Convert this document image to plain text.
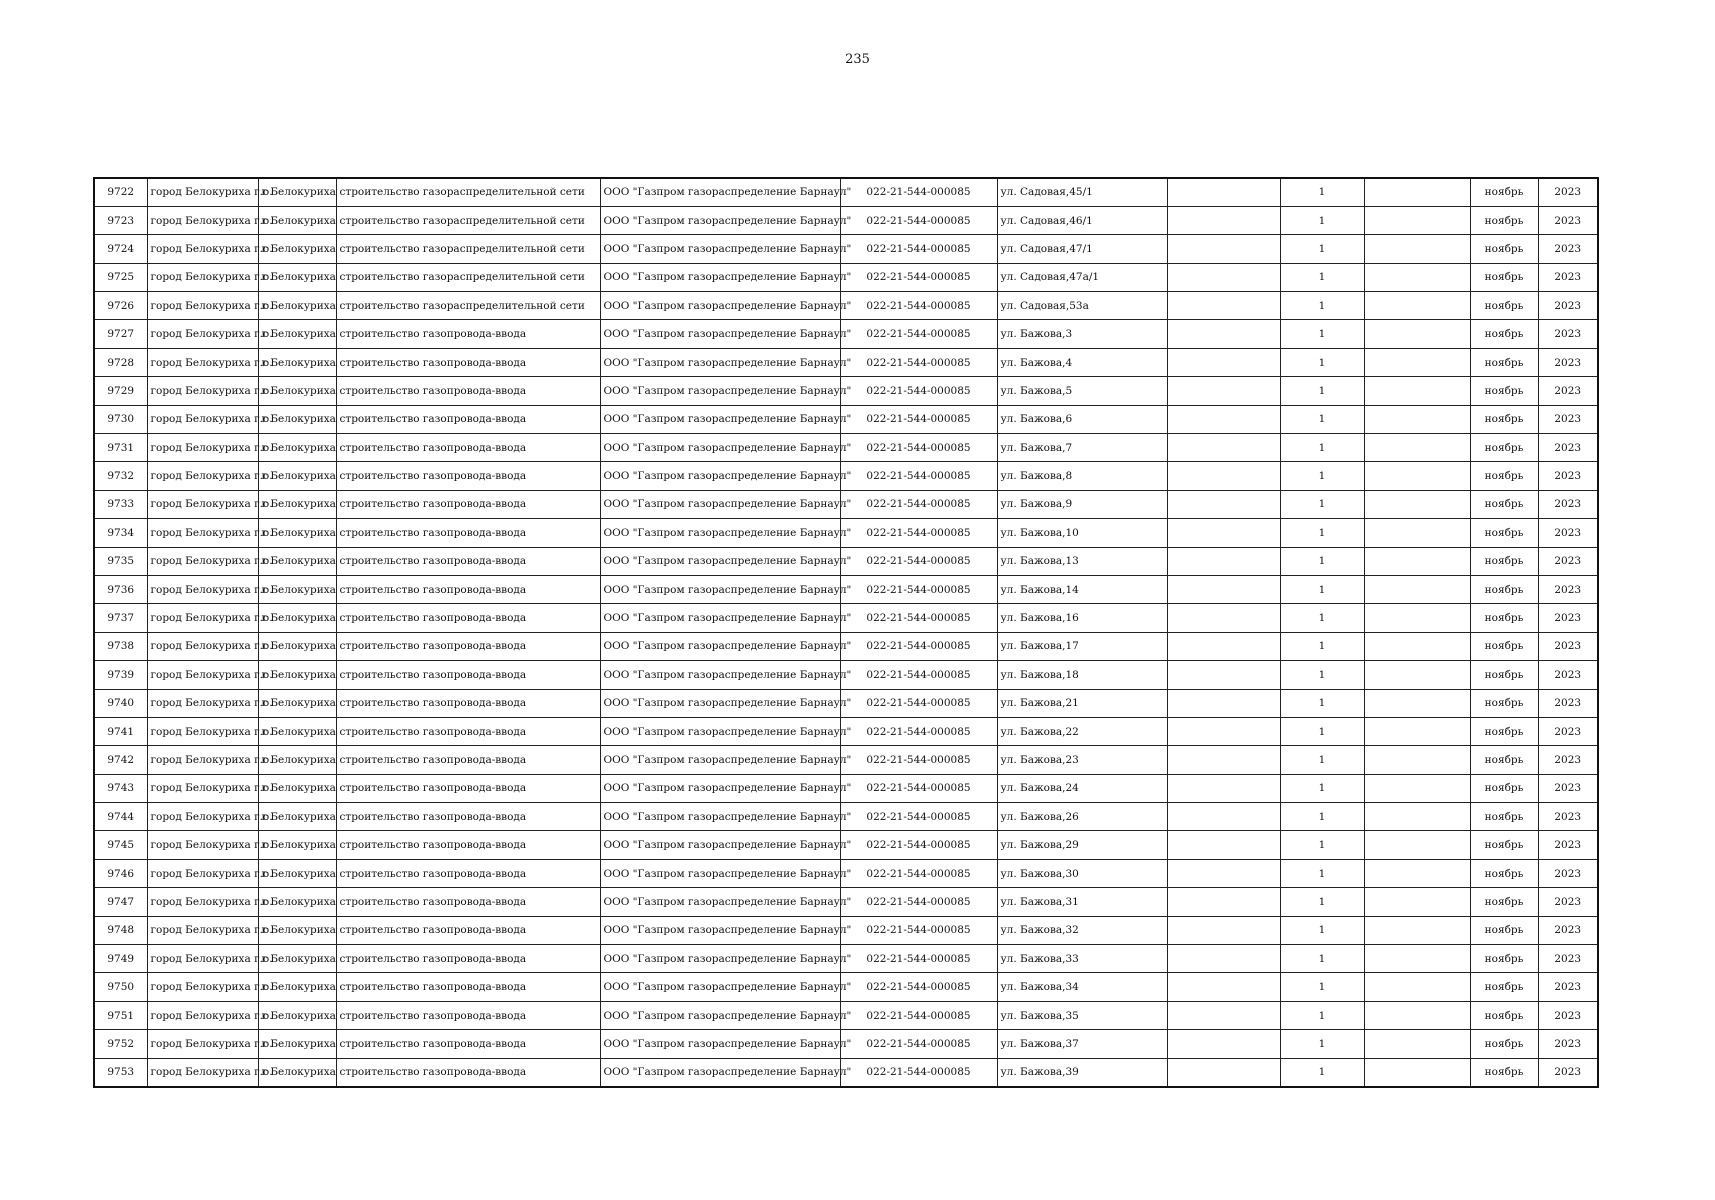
235
9722	город Белокуриха г.о.	г Белокуриха	строительство газораспределительной сети	ООО "Газпром газораспределение Барнаул"	022-21-544-000085	ул. Садовая,45/1		1		ноябрь	2023
9723	город Белокуриха г.о.	г Белокуриха	строительство газораспределительной сети	ООО "Газпром газораспределение Барнаул"	022-21-544-000085	ул. Садовая,46/1		1		ноябрь	2023
9724	город Белокуриха г.о.	г Белокуриха	строительство газораспределительной сети	ООО "Газпром газораспределение Барнаул"	022-21-544-000085	ул. Садовая,47/1		1		ноябрь	2023
9725	город Белокуриха г.о.	г Белокуриха	строительство газораспределительной сети	ООО "Газпром газораспределение Барнаул"	022-21-544-000085	ул. Садовая,47а/1		1		ноябрь	2023
9726	город Белокуриха г.о.	г Белокуриха	строительство газораспределительной сети	ООО "Газпром газораспределение Барнаул"	022-21-544-000085	ул. Садовая,53а		1		ноябрь	2023
9727	город Белокуриха г.о.	г Белокуриха	строительство газопровода-ввода	ООО "Газпром газораспределение Барнаул"	022-21-544-000085	ул. Бажова,3		1		ноябрь	2023
9728	город Белокуриха г.о.	г Белокуриха	строительство газопровода-ввода	ООО "Газпром газораспределение Барнаул"	022-21-544-000085	ул. Бажова,4		1		ноябрь	2023
9729	город Белокуриха г.о.	г Белокуриха	строительство газопровода-ввода	ООО "Газпром газораспределение Барнаул"	022-21-544-000085	ул. Бажова,5		1		ноябрь	2023
9730	город Белокуриха г.о.	г Белокуриха	строительство газопровода-ввода	ООО "Газпром газораспределение Барнаул"	022-21-544-000085	ул. Бажова,6		1		ноябрь	2023
9731	город Белокуриха г.о.	г Белокуриха	строительство газопровода-ввода	ООО "Газпром газораспределение Барнаул"	022-21-544-000085	ул. Бажова,7		1		ноябрь	2023
9732	город Белокуриха г.о.	г Белокуриха	строительство газопровода-ввода	ООО "Газпром газораспределение Барнаул"	022-21-544-000085	ул. Бажова,8		1		ноябрь	2023
9733	город Белокуриха г.о.	г Белокуриха	строительство газопровода-ввода	ООО "Газпром газораспределение Барнаул"	022-21-544-000085	ул. Бажова,9		1		ноябрь	2023
9734	город Белокуриха г.о.	г Белокуриха	строительство газопровода-ввода	ООО "Газпром газораспределение Барнаул"	022-21-544-000085	ул. Бажова,10		1		ноябрь	2023
9735	город Белокуриха г.о.	г Белокуриха	строительство газопровода-ввода	ООО "Газпром газораспределение Барнаул"	022-21-544-000085	ул. Бажова,13		1		ноябрь	2023
9736	город Белокуриха г.о.	г Белокуриха	строительство газопровода-ввода	ООО "Газпром газораспределение Барнаул"	022-21-544-000085	ул. Бажова,14		1		ноябрь	2023
9737	город Белокуриха г.о.	г Белокуриха	строительство газопровода-ввода	ООО "Газпром газораспределение Барнаул"	022-21-544-000085	ул. Бажова,16		1		ноябрь	2023
9738	город Белокуриха г.о.	г Белокуриха	строительство газопровода-ввода	ООО "Газпром газораспределение Барнаул"	022-21-544-000085	ул. Бажова,17		1		ноябрь	2023
9739	город Белокуриха г.о.	г Белокуриха	строительство газопровода-ввода	ООО "Газпром газораспределение Барнаул"	022-21-544-000085	ул. Бажова,18		1		ноябрь	2023
9740	город Белокуриха г.о.	г Белокуриха	строительство газопровода-ввода	ООО "Газпром газораспределение Барнаул"	022-21-544-000085	ул. Бажова,21		1		ноябрь	2023
9741	город Белокуриха г.о.	г Белокуриха	строительство газопровода-ввода	ООО "Газпром газораспределение Барнаул"	022-21-544-000085	ул. Бажова,22		1		ноябрь	2023
9742	город Белокуриха г.о.	г Белокуриха	строительство газопровода-ввода	ООО "Газпром газораспределение Барнаул"	022-21-544-000085	ул. Бажова,23		1		ноябрь	2023
9743	город Белокуриха г.о.	г Белокуриха	строительство газопровода-ввода	ООО "Газпром газораспределение Барнаул"	022-21-544-000085	ул. Бажова,24		1		ноябрь	2023
9744	город Белокуриха г.о.	г Белокуриха	строительство газопровода-ввода	ООО "Газпром газораспределение Барнаул"	022-21-544-000085	ул. Бажова,26		1		ноябрь	2023
9745	город Белокуриха г.о.	г Белокуриха	строительство газопровода-ввода	ООО "Газпром газораспределение Барнаул"	022-21-544-000085	ул. Бажова,29		1		ноябрь	2023
9746	город Белокуриха г.о.	г Белокуриха	строительство газопровода-ввода	ООО "Газпром газораспределение Барнаул"	022-21-544-000085	ул. Бажова,30		1		ноябрь	2023
9747	город Белокуриха г.о.	г Белокуриха	строительство газопровода-ввода	ООО "Газпром газораспределение Барнаул"	022-21-544-000085	ул. Бажова,31		1		ноябрь	2023
9748	город Белокуриха г.о.	г Белокуриха	строительство газопровода-ввода	ООО "Газпром газораспределение Барнаул"	022-21-544-000085	ул. Бажова,32		1		ноябрь	2023
9749	город Белокуриха г.о.	г Белокуриха	строительство газопровода-ввода	ООО "Газпром газораспределение Барнаул"	022-21-544-000085	ул. Бажова,33		1		ноябрь	2023
9750	город Белокуриха г.о.	г Белокуриха	строительство газопровода-ввода	ООО "Газпром газораспределение Барнаул"	022-21-544-000085	ул. Бажова,34		1		ноябрь	2023
9751	город Белокуриха г.о.	г Белокуриха	строительство газопровода-ввода	ООО "Газпром газораспределение Барнаул"	022-21-544-000085	ул. Бажова,35		1		ноябрь	2023
9752	город Белокуриха г.о.	г Белокуриха	строительство газопровода-ввода	ООО "Газпром газораспределение Барнаул"	022-21-544-000085	ул. Бажова,37		1		ноябрь	2023
9753	город Белокуриха г.о.	г Белокуриха	строительство газопровода-ввода	ООО "Газпром газораспределение Барнаул"	022-21-544-000085	ул. Бажова,39		1		ноябрь	2023
